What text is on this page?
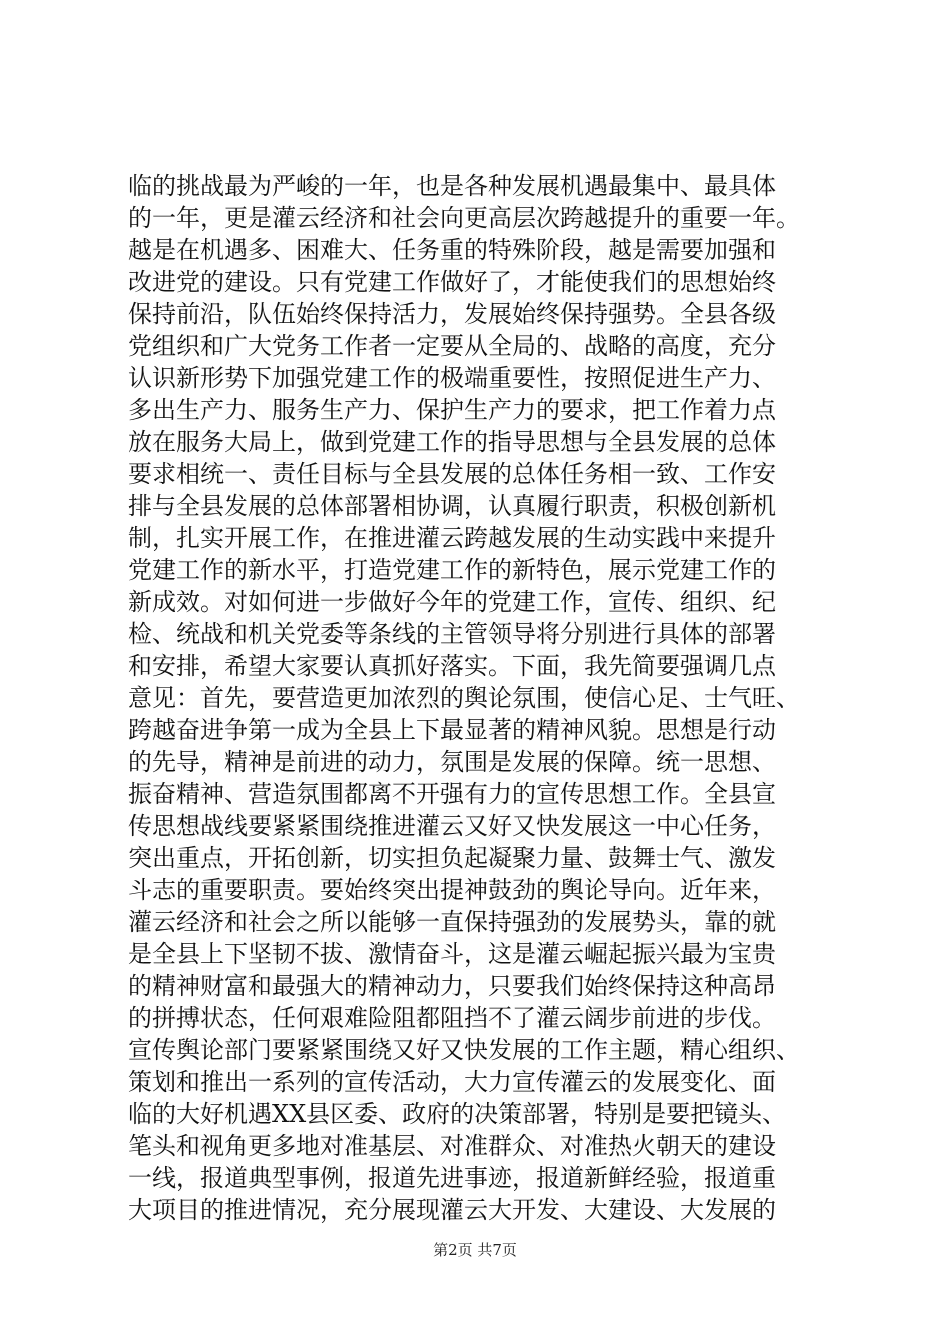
临的挑战最为严峻的一年，也是各种发展机遇最集中、最具体
的一年，更是灌云经济和社会向更高层次跨越提升的重要一年。
越是在机遇多、困难大、任务重的特殊阶段，越是需要加强和
改进党的建设。只有党建工作做好了，才能使我们的思想始终
保持前沿，队伍始终保持活力，发展始终保持强势。全县各级
党组织和广大党务工作者一定要从全局的、战略的高度，充分
认识新形势下加强党建工作的极端重要性，按照促进生产力、
多出生产力、服务生产力、保护生产力的要求，把工作着力点
放在服务大局上，做到党建工作的指导思想与全县发展的总体
要求相统一、责任目标与全县发展的总体任务相一致、工作安
排与全县发展的总体部署相协调，认真履行职责，积极创新机
制，扎实开展工作，在推进灌云跨越发展的生动实践中来提升
党建工作的新水平，打造党建工作的新特色，展示党建工作的
新成效。对如何进一步做好今年的党建工作，宣传、组织、纪
检、统战和机关党委等条线的主管领导将分别进行具体的部署
和安排，希望大家要认真抓好落实。下面，我先简要强调几点
意见：首先，要营造更加浓烈的舆论氛围，使信心足、士气旺、
跨越奋进争第一成为全县上下最显著的精神风貌。思想是行动
的先导，精神是前进的动力，氛围是发展的保障。统一思想、
振奋精神、营造氛围都离不开强有力的宣传思想工作。全县宣
传思想战线要紧紧围绕推进灌云又好又快发展这一中心任务，
突出重点，开拓创新，切实担负起凝聚力量、鼓舞士气、激发
斗志的重要职责。要始终突出提神鼓劲的舆论导向。近年来，
灌云经济和社会之所以能够一直保持强劲的发展势头，靠的就
是全县上下坚韧不拔、激情奋斗，这是灌云崛起振兴最为宝贵
的精神财富和最强大的精神动力，只要我们始终保持这种高昂
的拼搏状态，任何艰难险阻都阻挡不了灌云阔步前进的步伐。
宣传舆论部门要紧紧围绕又好又快发展的工作主题，精心组织、
策划和推出一系列的宣传活动，大力宣传灌云的发展变化、面
临的大好机遇XX县区委、政府的决策部署，特别是要把镜头、
笔头和视角更多地对准基层、对准群众、对准热火朝天的建设
一线，报道典型事例，报道先进事迹，报道新鲜经验，报道重
大项目的推进情况，充分展现灌云大开发、大建设、大发展的
第2页 共7页
